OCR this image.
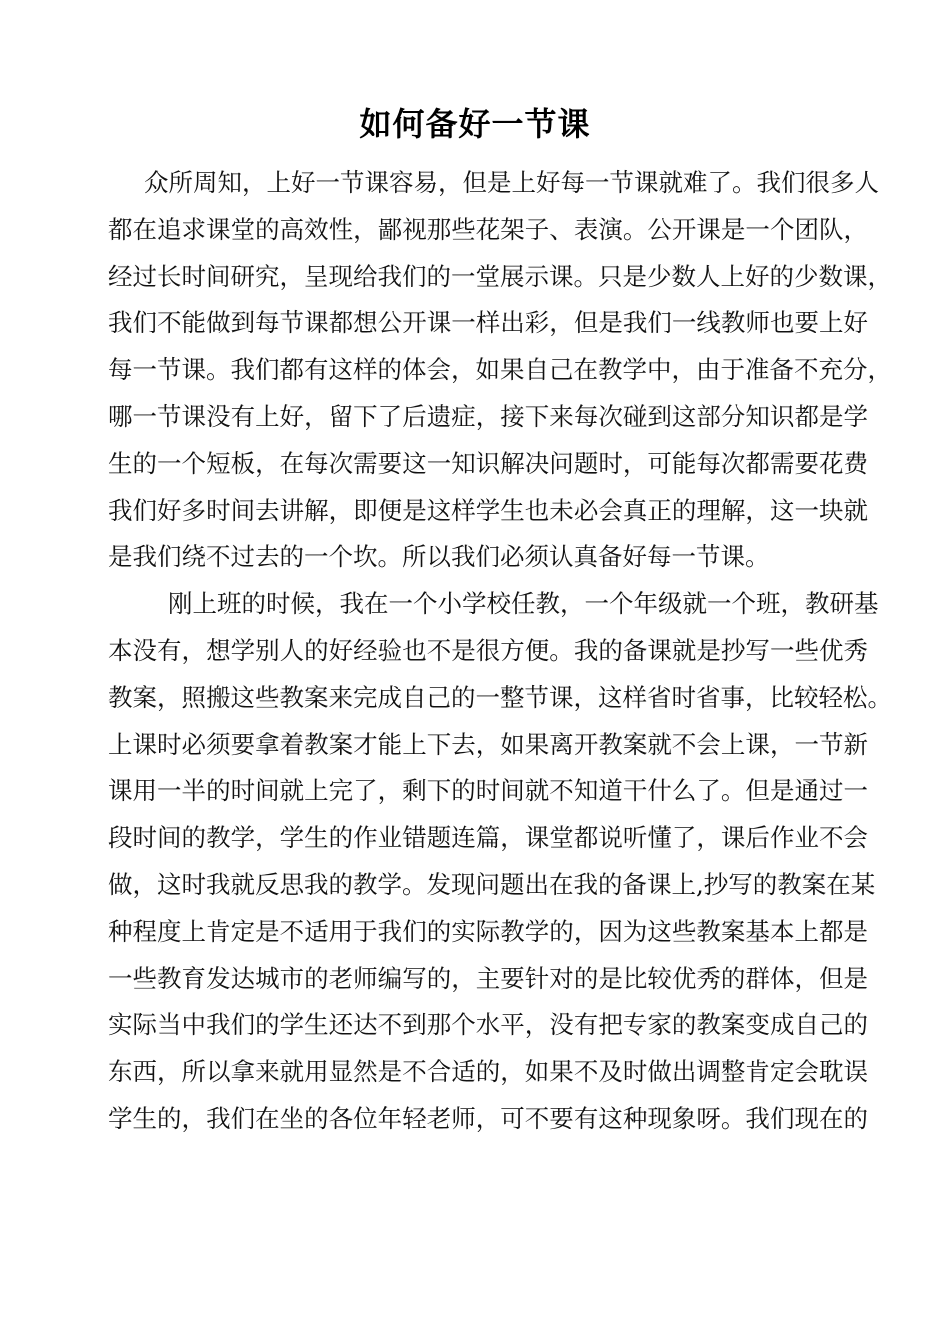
如何备好一节课
众所周知，上好一节课容易，但是上好每一节课就难了。我们很多人
都在追求课堂的高效性，鄙视那些花架子、表演。公开课是一个团队，
经过长时间研究，呈现给我们的一堂展示课。只是少数人上好的少数课，
我们不能做到每节课都想公开课一样出彩，但是我们一线教师也要上好
每一节课。我们都有这样的体会，如果自己在教学中，由于准备不充分，
哪一节课没有上好，留下了后遗症，接下来每次碰到这部分知识都是学
生的一个短板，在每次需要这一知识解决问题时，可能每次都需要花费
我们好多时间去讲解，即便是这样学生也未必会真正的理解，这一块就
是我们绕不过去的一个坎。所以我们必须认真备好每一节课。
刚上班的时候，我在一个小学校任教，一个年级就一个班，教研基
本没有，想学别人的好经验也不是很方便。我的备课就是抄写一些优秀
教案，照搬这些教案来完成自己的一整节课，这样省时省事，比较轻松。
上课时必须要拿着教案才能上下去，如果离开教案就不会上课，一节新
课用一半的时间就上完了，剩下的时间就不知道干什么了。但是通过一
段时间的教学，学生的作业错题连篇，课堂都说听懂了，课后作业不会
做，这时我就反思我的教学。发现问题出在我的备课上,抄写的教案在某
种程度上肯定是不适用于我们的实际教学的，因为这些教案基本上都是
一些教育发达城市的老师编写的，主要针对的是比较优秀的群体，但是
实际当中我们的学生还达不到那个水平，没有把专家的教案变成自己的
东西，所以拿来就用显然是不合适的，如果不及时做出调整肯定会耽误
学生的，我们在坐的各位年轻老师，可不要有这种现象呀。我们现在的
